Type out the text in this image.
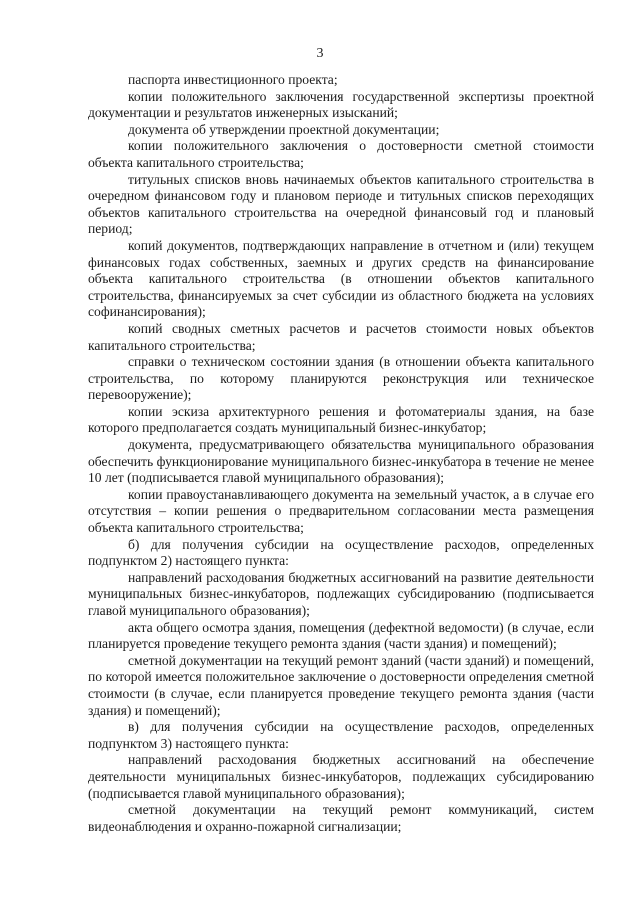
3

паспорта инвестиционного проекта;

копии положительного заключения государственной экспертизы проектной документации и результатов инженерных изысканий;

документа об утверждении проектной документации;

копии положительного заключения о достоверности сметной стоимости объекта капитального строительства;

титульных списков вновь начинаемых объектов капитального строительства в очередном финансовом году и плановом периоде и титульных списков переходящих объектов капитального строительства на очередной финансовый год и плановый период;

копий документов, подтверждающих направление в отчетном и (или) текущем финансовых годах собственных, заемных и других средств на финансирование объекта капитального строительства (в отношении объектов капитального строительства, финансируемых за счет субсидии из областного бюджета на условиях софинансирования);

копий сводных сметных расчетов и расчетов стоимости новых объектов капитального строительства;

справки о техническом состоянии здания (в отношении объекта капитального строительства, по которому планируются реконструкция или техническое перевооружение);

копии эскиза архитектурного решения и фотоматериалы здания, на базе которого предполагается создать муниципальный бизнес-инкубатор;

документа, предусматривающего обязательства муниципального образования обеспечить функционирование муниципального бизнес-инкубатора в течение не менее 10 лет (подписывается главой муниципального образования);

копии правоустанавливающего документа на земельный участок, а в случае его отсутствия – копии решения о предварительном согласовании места размещения объекта капитального строительства;

б) для получения субсидии на осуществление расходов, определенных подпунктом 2) настоящего пункта:

направлений расходования бюджетных ассигнований на развитие деятельности муниципальных бизнес-инкубаторов, подлежащих субсидированию (подписывается главой муниципального образования);

акта общего осмотра здания, помещения (дефектной ведомости) (в случае, если планируется проведение текущего ремонта здания (части здания) и помещений);

сметной документации на текущий ремонт зданий (части зданий) и помещений, по которой имеется положительное заключение о достоверности определения сметной стоимости (в случае, если планируется проведение текущего ремонта здания (части здания) и помещений);

в) для получения субсидии на осуществление расходов, определенных подпунктом 3) настоящего пункта:

направлений расходования бюджетных ассигнований на обеспечение деятельности муниципальных бизнес-инкубаторов, подлежащих субсидированию (подписывается главой муниципального образования);

сметной документации на текущий ремонт коммуникаций, систем видеонаблюдения и охранно-пожарной сигнализации;
